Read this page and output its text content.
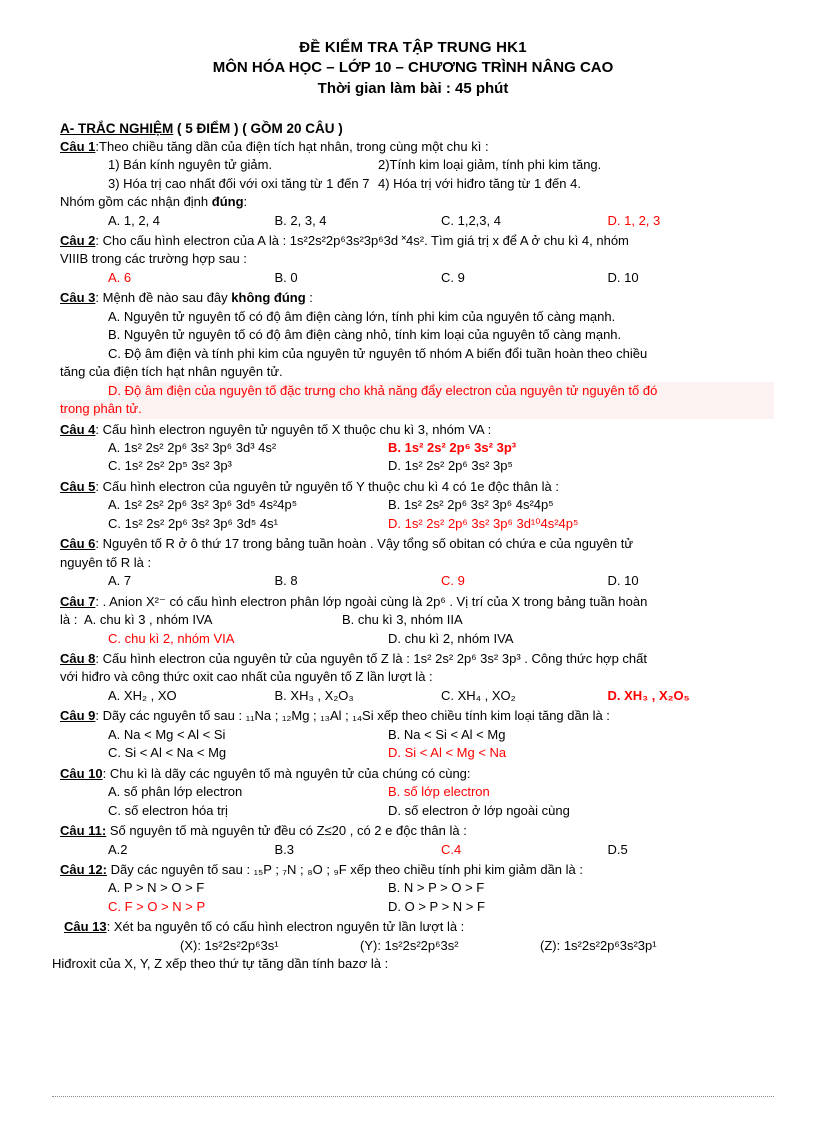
ĐỀ KIỂM TRA TẬP TRUNG HK1
MÔN HÓA HỌC – LỚP 10 – CHƯƠNG TRÌNH NÂNG CAO
Thời gian làm bài : 45 phút
A- TRẮC NGHIỆM ( 5 ĐIỂM ) ( GỒM 20 CÂU )
Câu 1:Theo chiều tăng dần của điện tích hạt nhân, trong cùng một chu kì :
1) Bán kính nguyên tử giảm.	2)Tính kim loại giảm, tính phi kim tăng.
3) Hóa trị cao nhất đối với oxi tăng từ 1 đến 7 4) Hóa trị với hiđro tăng từ 1 đến 4.
Nhóm gồm các nhận định đúng:
A. 1, 2, 4	B. 2, 3, 4	C. 1,2,3, 4	D. 1, 2, 3
Câu 2: Cho cấu hình electron của A là : 1s²2s²2p⁶3s²3p⁶3d ˟4s². Tìm giá trị x để A ở chu kì 4, nhóm
VIIIB trong các trường hợp sau :
A. 6	B. 0	C. 9	D. 10
Câu 3: Mệnh đề nào sau đây không đúng :
A. Nguyên tử nguyên tố có độ âm điện càng lớn, tính phi kim của nguyên tố càng mạnh.
B. Nguyên tử nguyên tố có độ âm điện càng nhỏ, tính kim loại của nguyên tố càng mạnh.
C. Độ âm điện và tính phi kim của nguyên tử nguyên tố nhóm A biến đổi tuần hoàn theo chiều
tăng của điện tích hạt nhân nguyên tử.
D. Độ âm điện của nguyên tố đặc trưng cho khả năng đẩy electron của nguyên tử nguyên tố đó
trong phân tử.
Câu 4: Cấu hình electron nguyên tử nguyên tố X thuộc chu kì 3, nhóm VA :
A. 1s² 2s² 2p⁶ 3s² 3p⁶ 3d³ 4s²	B. 1s² 2s² 2p⁶ 3s² 3p³
C. 1s² 2s² 2p⁵ 3s² 3p³	D. 1s² 2s² 2p⁶ 3s² 3p⁵
Câu 5: Cấu hình electron của nguyên tử nguyên tố Y thuộc chu kì 4 có 1e độc thân là :
A. 1s² 2s² 2p⁶ 3s² 3p⁶ 3d⁵ 4s²4p⁵	B. 1s² 2s² 2p⁶ 3s² 3p⁶ 4s²4p⁵
C. 1s² 2s² 2p⁶ 3s² 3p⁶ 3d⁵ 4s¹	D. 1s² 2s² 2p⁶ 3s² 3p⁶ 3d¹⁰4s²4p⁵
Câu 6: Nguyên tố R ở ô thứ 17 trong bảng tuần hoàn . Vậy tổng số obitan có chứa e của nguyên tử
nguyên tố R là :
A. 7	B. 8	C. 9	D. 10
Câu 7: . Anion X²⁻ có cấu hình electron phân lớp ngoài cùng là 2p⁶ . Vị trí của X trong bảng tuần hoàn
là : A. chu kì 3 , nhóm IVA	B. chu kì 3, nhóm IIA
C. chu kì 2, nhóm VIA	D. chu kì 2, nhóm IVA
Câu 8: Cấu hình electron của nguyên tử của nguyên tố Z là : 1s² 2s² 2p⁶ 3s² 3p³ . Công thức hợp chất
với hiđro và công thức oxit cao nhất của nguyên tố Z lần lượt là :
A. XH₂ , XO	B. XH₃ , X₂O₃	C. XH₄ , XO₂	D. XH₃ , X₂O₅
Câu 9: Dãy các nguyên tố sau : ₁₁Na ; ₁₂Mg ; ₁₃Al ; ₁₄Si xếp theo chiều tính kim loại tăng dần là :
A. Na < Mg < Al < Si	B. Na < Si < Al < Mg
C. Si < Al < Na < Mg	D. Si < Al < Mg < Na
Câu 10: Chu kì là dãy các nguyên tố mà nguyên tử của chúng có cùng:
A. số phân lớp electron	B. số lớp electron
C. số electron hóa trị	D. số electron ở lớp ngoài cùng
Câu 11: Số nguyên tố mà nguyên tử đều có Z≤20 , có 2 e độc thân là :
A.2	B.3	C.4	D.5
Câu 12: Dãy các nguyên tố sau : ₁₅P ; ₇N ; ₈O ; ₉F xếp theo chiều tính phi kim giảm dần là :
A. P > N > O > F	B. N > P > O > F
C. F > O > N > P	D. O > P > N > F
Câu 13: Xét ba nguyên tố có cấu hình electron nguyên tử lần lượt là :
(X): 1s²2s²2p⁶3s¹	(Y): 1s²2s²2p⁶3s²	(Z): 1s²2s²2p⁶3s²3p¹
Hiđroxit của X, Y, Z xếp theo thứ tự tăng dần tính bazơ là :
